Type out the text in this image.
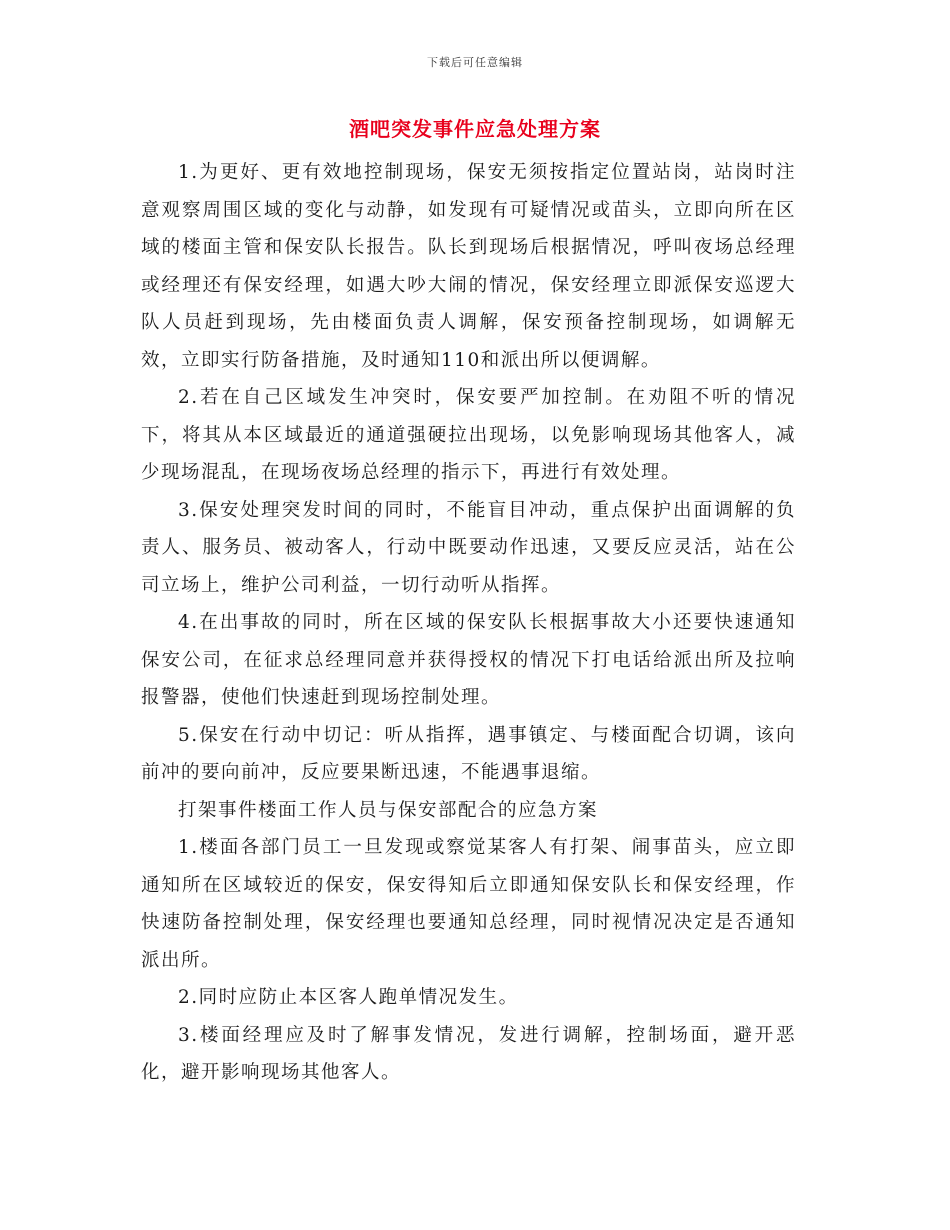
下载后可任意编辑
酒吧突发事件应急处理方案

1.为更好、更有效地控制现场，保安无须按指定位置站岗，站岗时注意观察周围区域的变化与动静，如发现有可疑情况或苗头，立即向所在区域的楼面主管和保安队长报告。队长到现场后根据情况，呼叫夜场总经理或经理还有保安经理，如遇大吵大闹的情况，保安经理立即派保安巡逻大队人员赶到现场，先由楼面负责人调解，保安预备控制现场，如调解无效，立即实行防备措施，及时通知110和派出所以便调解。

2.若在自己区域发生冲突时，保安要严加控制。在劝阻不听的情况下，将其从本区域最近的通道强硬拉出现场，以免影响现场其他客人，减少现场混乱，在现场夜场总经理的指示下，再进行有效处理。

3.保安处理突发时间的同时，不能盲目冲动，重点保护出面调解的负责人、服务员、被动客人，行动中既要动作迅速，又要反应灵活，站在公司立场上，维护公司利益，一切行动听从指挥。

4.在出事故的同时，所在区域的保安队长根据事故大小还要快速通知保安公司，在征求总经理同意并获得授权的情况下打电话给派出所及拉响报警器，使他们快速赶到现场控制处理。

5.保安在行动中切记：听从指挥，遇事镇定、与楼面配合切调，该向前冲的要向前冲，反应要果断迅速，不能遇事退缩。

打架事件楼面工作人员与保安部配合的应急方案

1.楼面各部门员工一旦发现或察觉某客人有打架、闹事苗头，应立即通知所在区域较近的保安，保安得知后立即通知保安队长和保安经理，作快速防备控制处理，保安经理也要通知总经理，同时视情况决定是否通知派出所。

2.同时应防止本区客人跑单情况发生。

3.楼面经理应及时了解事发情况，发进行调解，控制场面，避开恶化，避开影响现场其他客人。
